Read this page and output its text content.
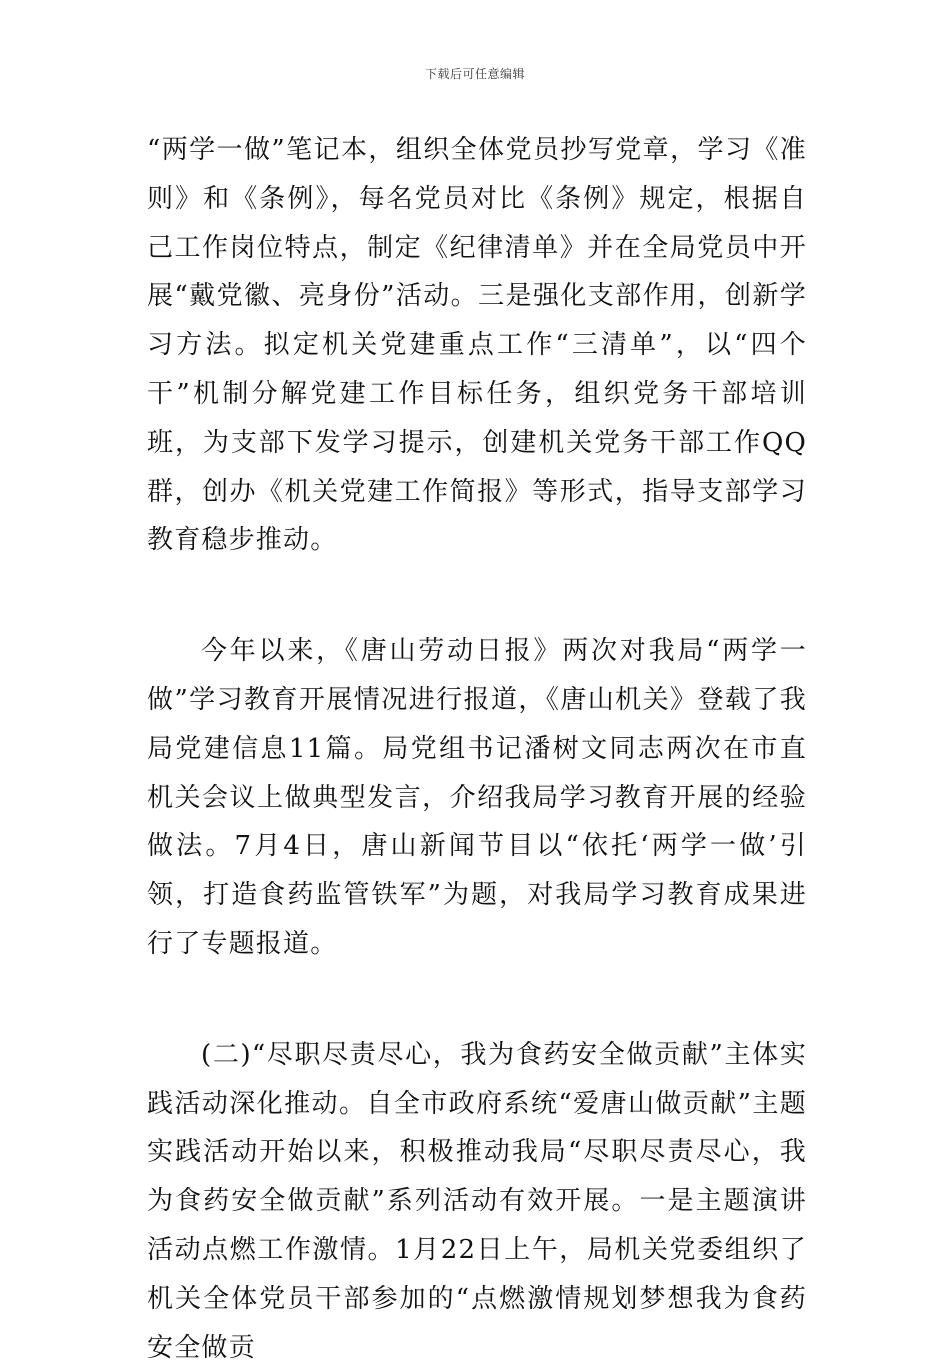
下载后可任意编辑

“两学一做”笔记本，组织全体党员抄写党章，学习《准则》和《条例》，每名党员对比《条例》规定，根据自己工作岗位特点，制定《纪律清单》并在全局党员中开展“戴党徽、亮身份”活动。三是强化支部作用，创新学习方法。拟定机关党建重点工作“三清单”，以“四个干”机制分解党建工作目标任务，组织党务干部培训班，为支部下发学习提示，创建机关党务干部工作QQ群，创办《机关党建工作简报》等形式，指导支部学习教育稳步推动。

今年以来，《唐山劳动日报》两次对我局“两学一做”学习教育开展情况进行报道，《唐山机关》登载了我局党建信息11篇。局党组书记潘树文同志两次在市直机关会议上做典型发言，介绍我局学习教育开展的经验做法。7月4日，唐山新闻节目以“依托‘两学一做’引领，打造食药监管铁军”为题，对我局学习教育成果进行了专题报道。

(二)“尽职尽责尽心，我为食药安全做贡献”主体实践活动深化推动。自全市政府系统“爱唐山做贡献”主题实践活动开始以来，积极推动我局“尽职尽责尽心，我为食药安全做贡献”系列活动有效开展。一是主题演讲活动点燃工作激情。1月22日上午，局机关党委组织了机关全体党员干部参加的“点燃激情规划梦想我为食药安全做贡
